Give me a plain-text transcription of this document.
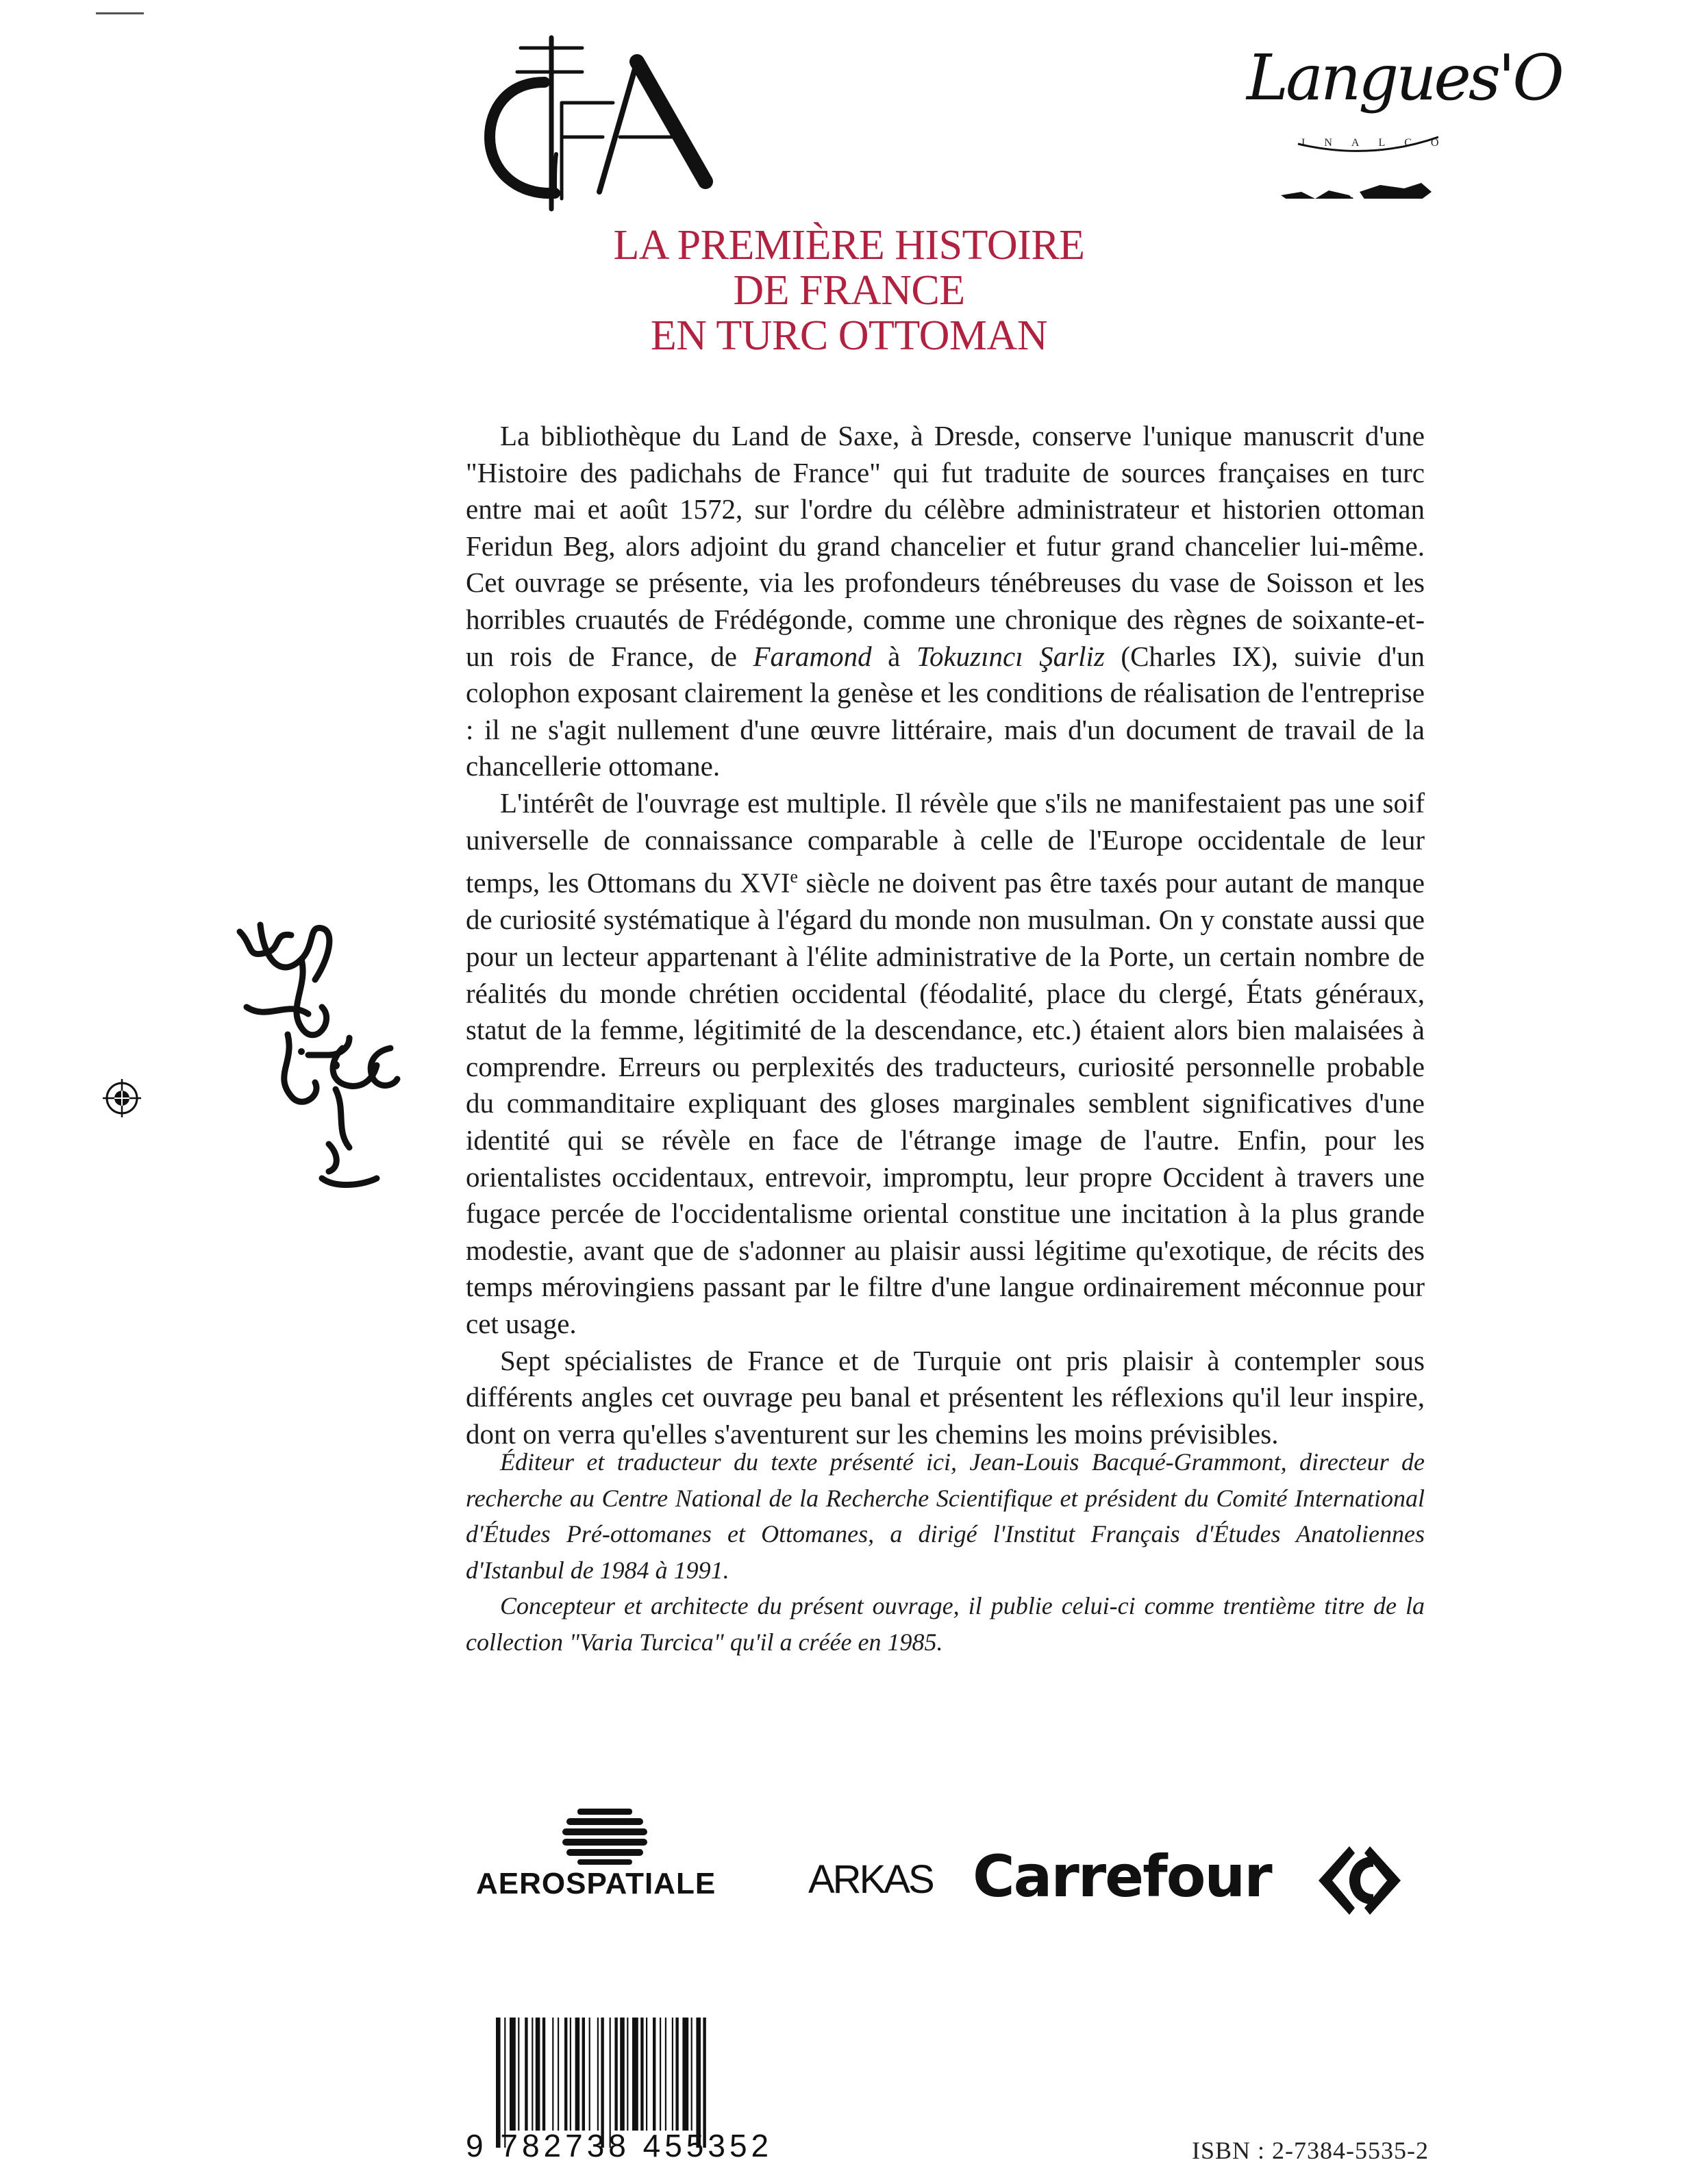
Langues'O
INALCO
LA PREMIÈRE HISTOIRE
DE FRANCE
EN TURC OTTOMAN

La bibliothèque du Land de Saxe, à Dresde, conserve l'unique manuscrit d'une "Histoire des padichahs de France" qui fut traduite de sources françaises en turc entre mai et août 1572, sur l'ordre du célèbre administrateur et historien ottoman Feridun Beg, alors adjoint du grand chancelier et futur grand chancelier lui-même. Cet ouvrage se présente, via les profondeurs ténébreuses du vase de Soisson et les horribles cruautés de Frédégonde, comme une chronique des règnes de soixante-et-un rois de France, de Faramond à Tokuzıncı Şarliz (Charles IX), suivie d'un colophon exposant clairement la genèse et les conditions de réalisation de l'entreprise : il ne s'agit nullement d'une œuvre littéraire, mais d'un document de travail de la chancellerie ottomane.

L'intérêt de l'ouvrage est multiple. Il révèle que s'ils ne manifestaient pas une soif universelle de connaissance comparable à celle de l'Europe occidentale de leur temps, les Ottomans du XVIe siècle ne doivent pas être taxés pour autant de manque de curiosité systématique à l'égard du monde non musulman. On y constate aussi que pour un lecteur appartenant à l'élite administrative de la Porte, un certain nombre de réalités du monde chrétien occidental (féodalité, place du clergé, États généraux, statut de la femme, légitimité de la descendance, etc.) étaient alors bien malaisées à comprendre. Erreurs ou perplexités des traducteurs, curiosité personnelle probable du commanditaire expliquant des gloses marginales semblent significatives d'une identité qui se révèle en face de l'étrange image de l'autre. Enfin, pour les orientalistes occidentaux, entrevoir, impromptu, leur propre Occident à travers une fugace percée de l'occidentalisme oriental constitue une incitation à la plus grande modestie, avant que de s'adonner au plaisir aussi légitime qu'exotique, de récits des temps mérovingiens passant par le filtre d'une langue ordinairement méconnue pour cet usage.

Sept spécialistes de France et de Turquie ont pris plaisir à contempler sous différents angles cet ouvrage peu banal et présentent les réflexions qu'il leur inspire, dont on verra qu'elles s'aventurent sur les chemins les moins prévisibles.

Éditeur et traducteur du texte présenté ici, Jean-Louis Bacqué-Grammont, directeur de recherche au Centre National de la Recherche Scientifique et président du Comité International d'Études Pré-ottomanes et Ottomanes, a dirigé l'Institut Français d'Études Anatoliennes d'Istanbul de 1984 à 1991.

Concepteur et architecte du présent ouvrage, il publie celui-ci comme trentième titre de la collection "Varia Turcica" qu'il a créée en 1985.

AEROSPATIALE ARKAS Carrefour
9 782738 455352	ISBN : 2-7384-5535-2
